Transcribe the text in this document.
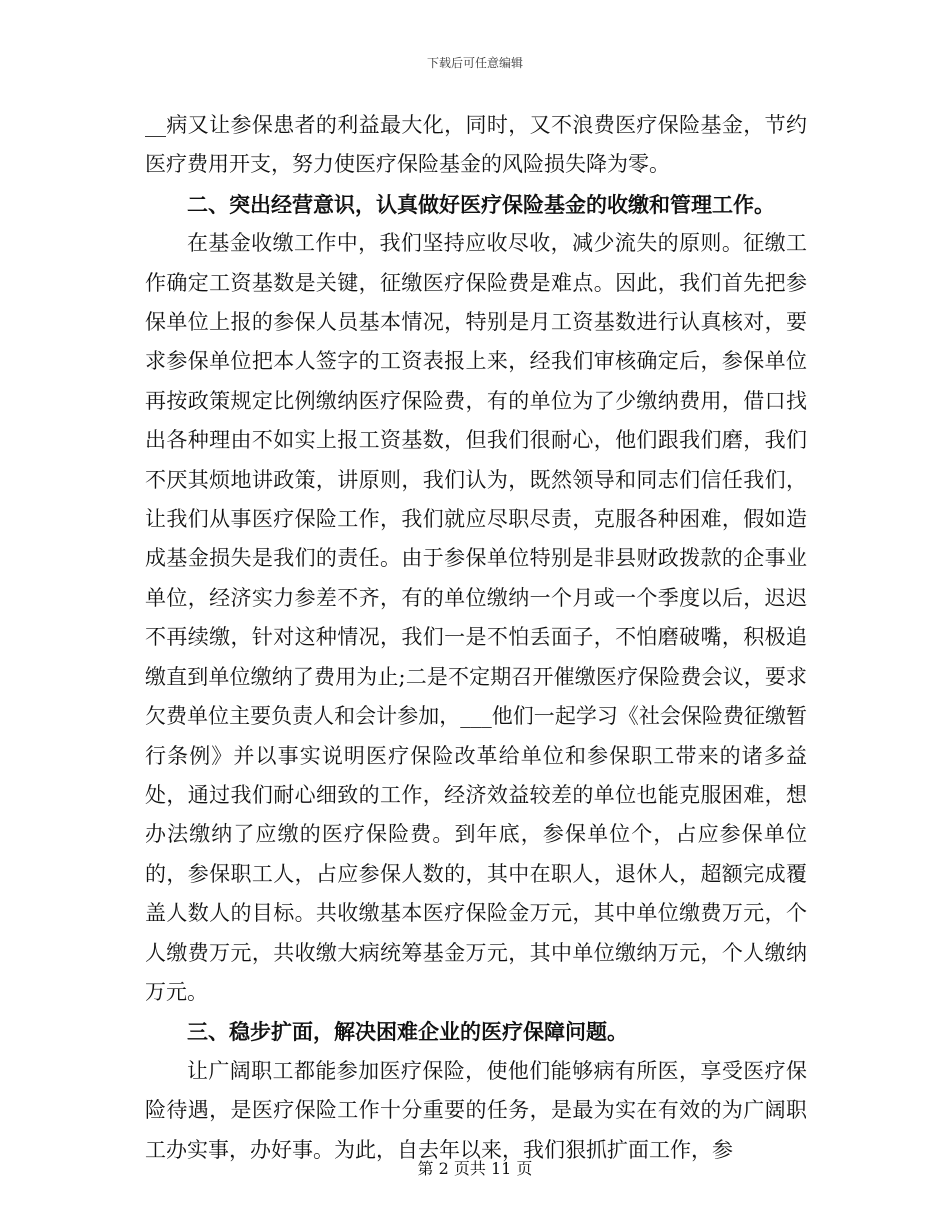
下载后可任意编辑

__病又让参保患者的利益最大化，同时，又不浪费医疗保险基金，节约医疗费用开支，努力使医疗保险基金的风险损失降为零。

二、突出经营意识，认真做好医疗保险基金的收缴和管理工作。

在基金收缴工作中，我们坚持应收尽收，减少流失的原则。征缴工作确定工资基数是关键，征缴医疗保险费是难点。因此，我们首先把参保单位上报的参保人员基本情况，特别是月工资基数进行认真核对，要求参保单位把本人签字的工资表报上来，经我们审核确定后，参保单位再按政策规定比例缴纳医疗保险费，有的单位为了少缴纳费用，借口找出各种理由不如实上报工资基数，但我们很耐心，他们跟我们磨，我们不厌其烦地讲政策，讲原则，我们认为，既然领导和同志们信任我们，让我们从事医疗保险工作，我们就应尽职尽责，克服各种困难，假如造成基金损失是我们的责任。由于参保单位特别是非县财政拨款的企事业单位，经济实力参差不齐，有的单位缴纳一个月或一个季度以后，迟迟不再续缴，针对这种情况，我们一是不怕丢面子，不怕磨破嘴，积极追缴直到单位缴纳了费用为止;二是不定期召开催缴医疗保险费会议，要求欠费单位主要负责人和会计参加，___他们一起学习《社会保险费征缴暂行条例》并以事实说明医疗保险改革给单位和参保职工带来的诸多益处，通过我们耐心细致的工作，经济效益较差的单位也能克服困难，想办法缴纳了应缴的医疗保险费。到年底，参保单位个，占应参保单位的，参保职工人，占应参保人数的，其中在职人，退休人，超额完成覆盖人数人的目标。共收缴基本医疗保险金万元，其中单位缴费万元，个人缴费万元，共收缴大病统筹基金万元，其中单位缴纳万元，个人缴纳万元。

三、稳步扩面，解决困难企业的医疗保障问题。

让广阔职工都能参加医疗保险，使他们能够病有所医，享受医疗保险待遇，是医疗保险工作十分重要的任务，是最为实在有效的为广阔职工办实事，办好事。为此，自去年以来，我们狠抓扩面工作，参

第 2 页共 11 页
